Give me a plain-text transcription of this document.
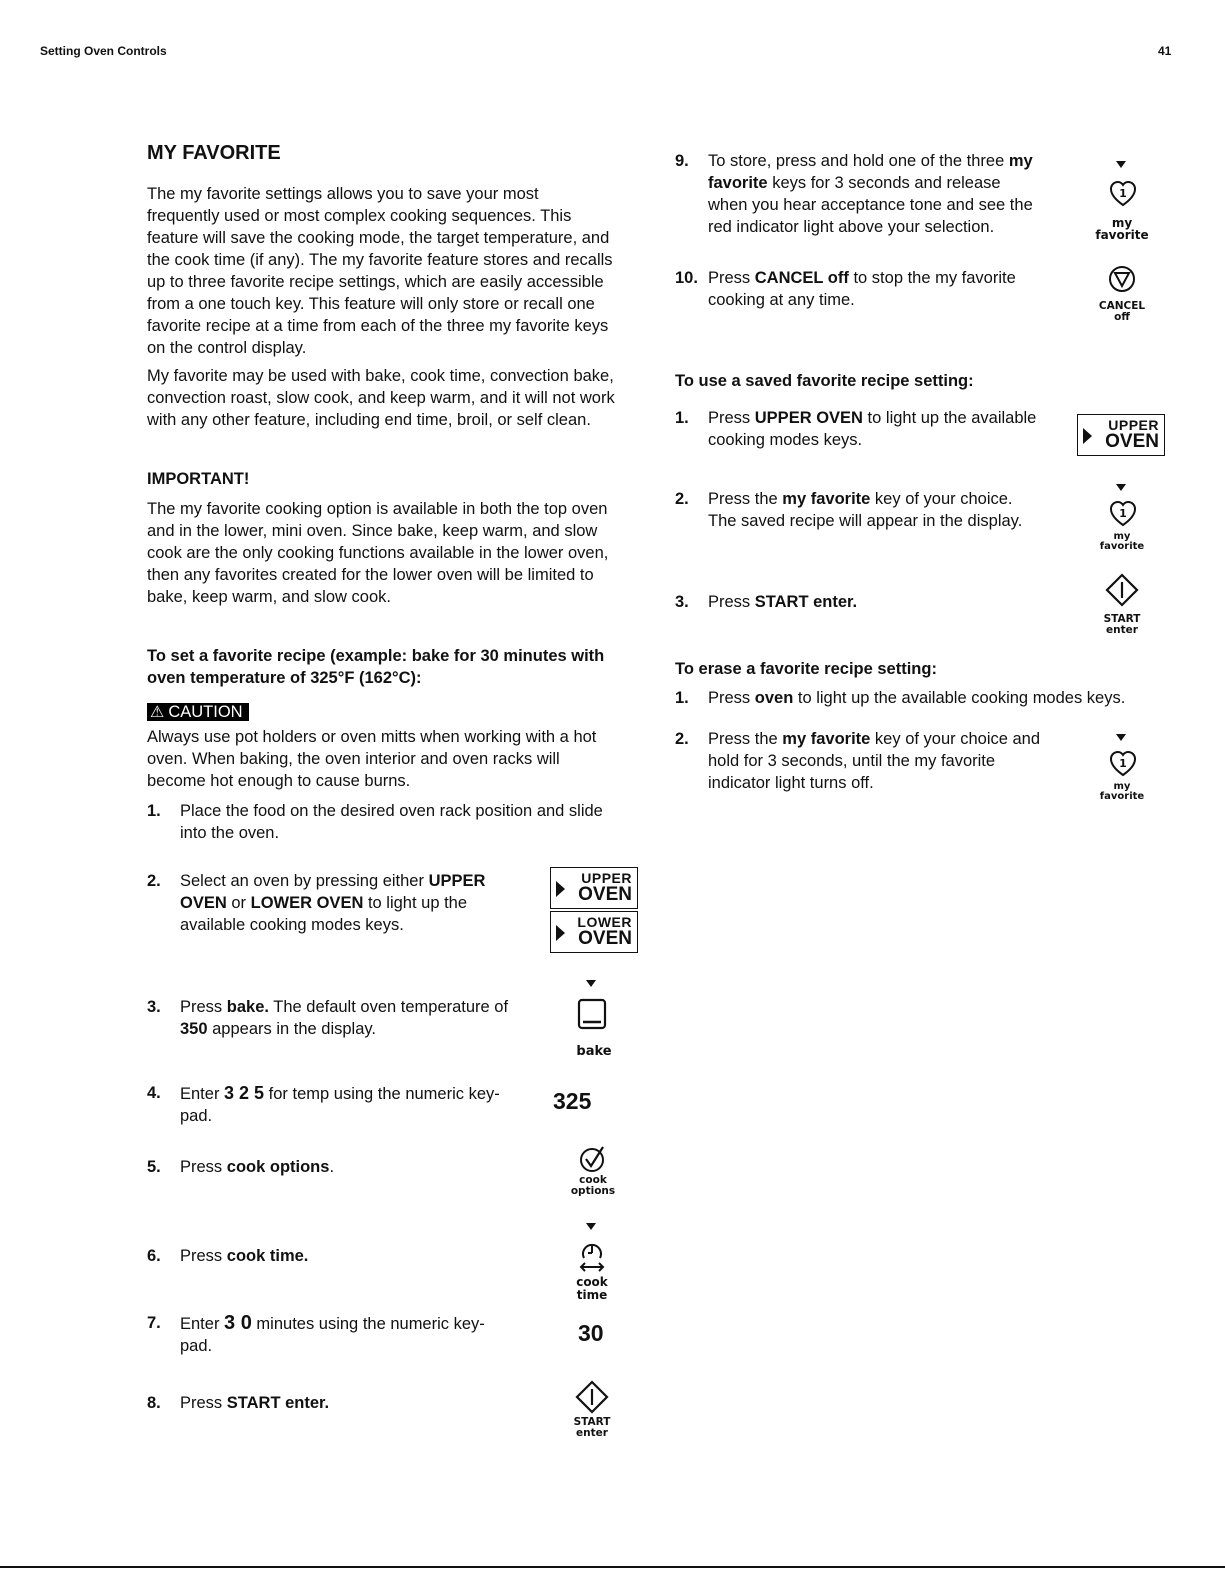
Setting Oven Controls	41
MY FAVORITE
The my favorite settings allows you to save your most
frequently used or most complex cooking sequences. This
feature will save the cooking mode, the target temperature, and
the cook time (if any). The my favorite feature stores and recalls
up to three favorite recipe settings, which are easily accessible
from a one touch key. This feature will only store or recall one
favorite recipe at a time from each of the three my favorite keys
on the control display.
My favorite may be used with bake, cook time, convection bake,
convection roast, slow cook, and keep warm, and it will not work
with any other feature, including end time, broil, or self clean.
IMPORTANT!
The my favorite cooking option is available in both the top oven
and in the lower, mini oven. Since bake, keep warm, and slow
cook are the only cooking functions available in the lower oven,
then any favorites created for the lower oven will be limited to
bake, keep warm, and slow cook.
To set a favorite recipe (example: bake for 30 minutes with
oven temperature of 325°F (162°C):
⚠ CAUTION
Always use pot holders or oven mitts when working with a hot
oven. When baking, the oven interior and oven racks will
become hot enough to cause burns.
1. Place the food on the desired oven rack position and slide
into the oven.
2. Select an oven by pressing either UPPER
OVEN or LOWER OVEN to light up the
available cooking modes keys.
UPPER
OVEN
LOWER
OVEN
3. Press bake. The default oven temperature of
350 appears in the display.
bake
4. Enter 3 2 5 for temp using the numeric key-
pad.
325
5. Press cook options.
cook
options
6. Press cook time.
cook
time
7. Enter 3 0 minutes using the numeric key-
pad.	30
8. Press START enter.
START
enter
9. To store, press and hold one of the three my
favorite keys for 3 seconds and release
when you hear acceptance tone and see the
red indicator light above your selection.
1
my
favorite
10. Press CANCEL off to stop the my favorite
cooking at any time.	CANCEL
off
To use a saved favorite recipe setting:
1. Press UPPER OVEN to light up the available
cooking modes keys.
UPPER
OVEN
2. Press the my favorite key of your choice.
The saved recipe will appear in the display.	1
my
favorite
3. Press START enter.
START
enter
To erase a favorite recipe setting:
1. Press oven to light up the available cooking modes keys.
2. Press the my favorite key of your choice and
hold for 3 seconds, until the my favorite
indicator light turns off.
1
my
favorite
